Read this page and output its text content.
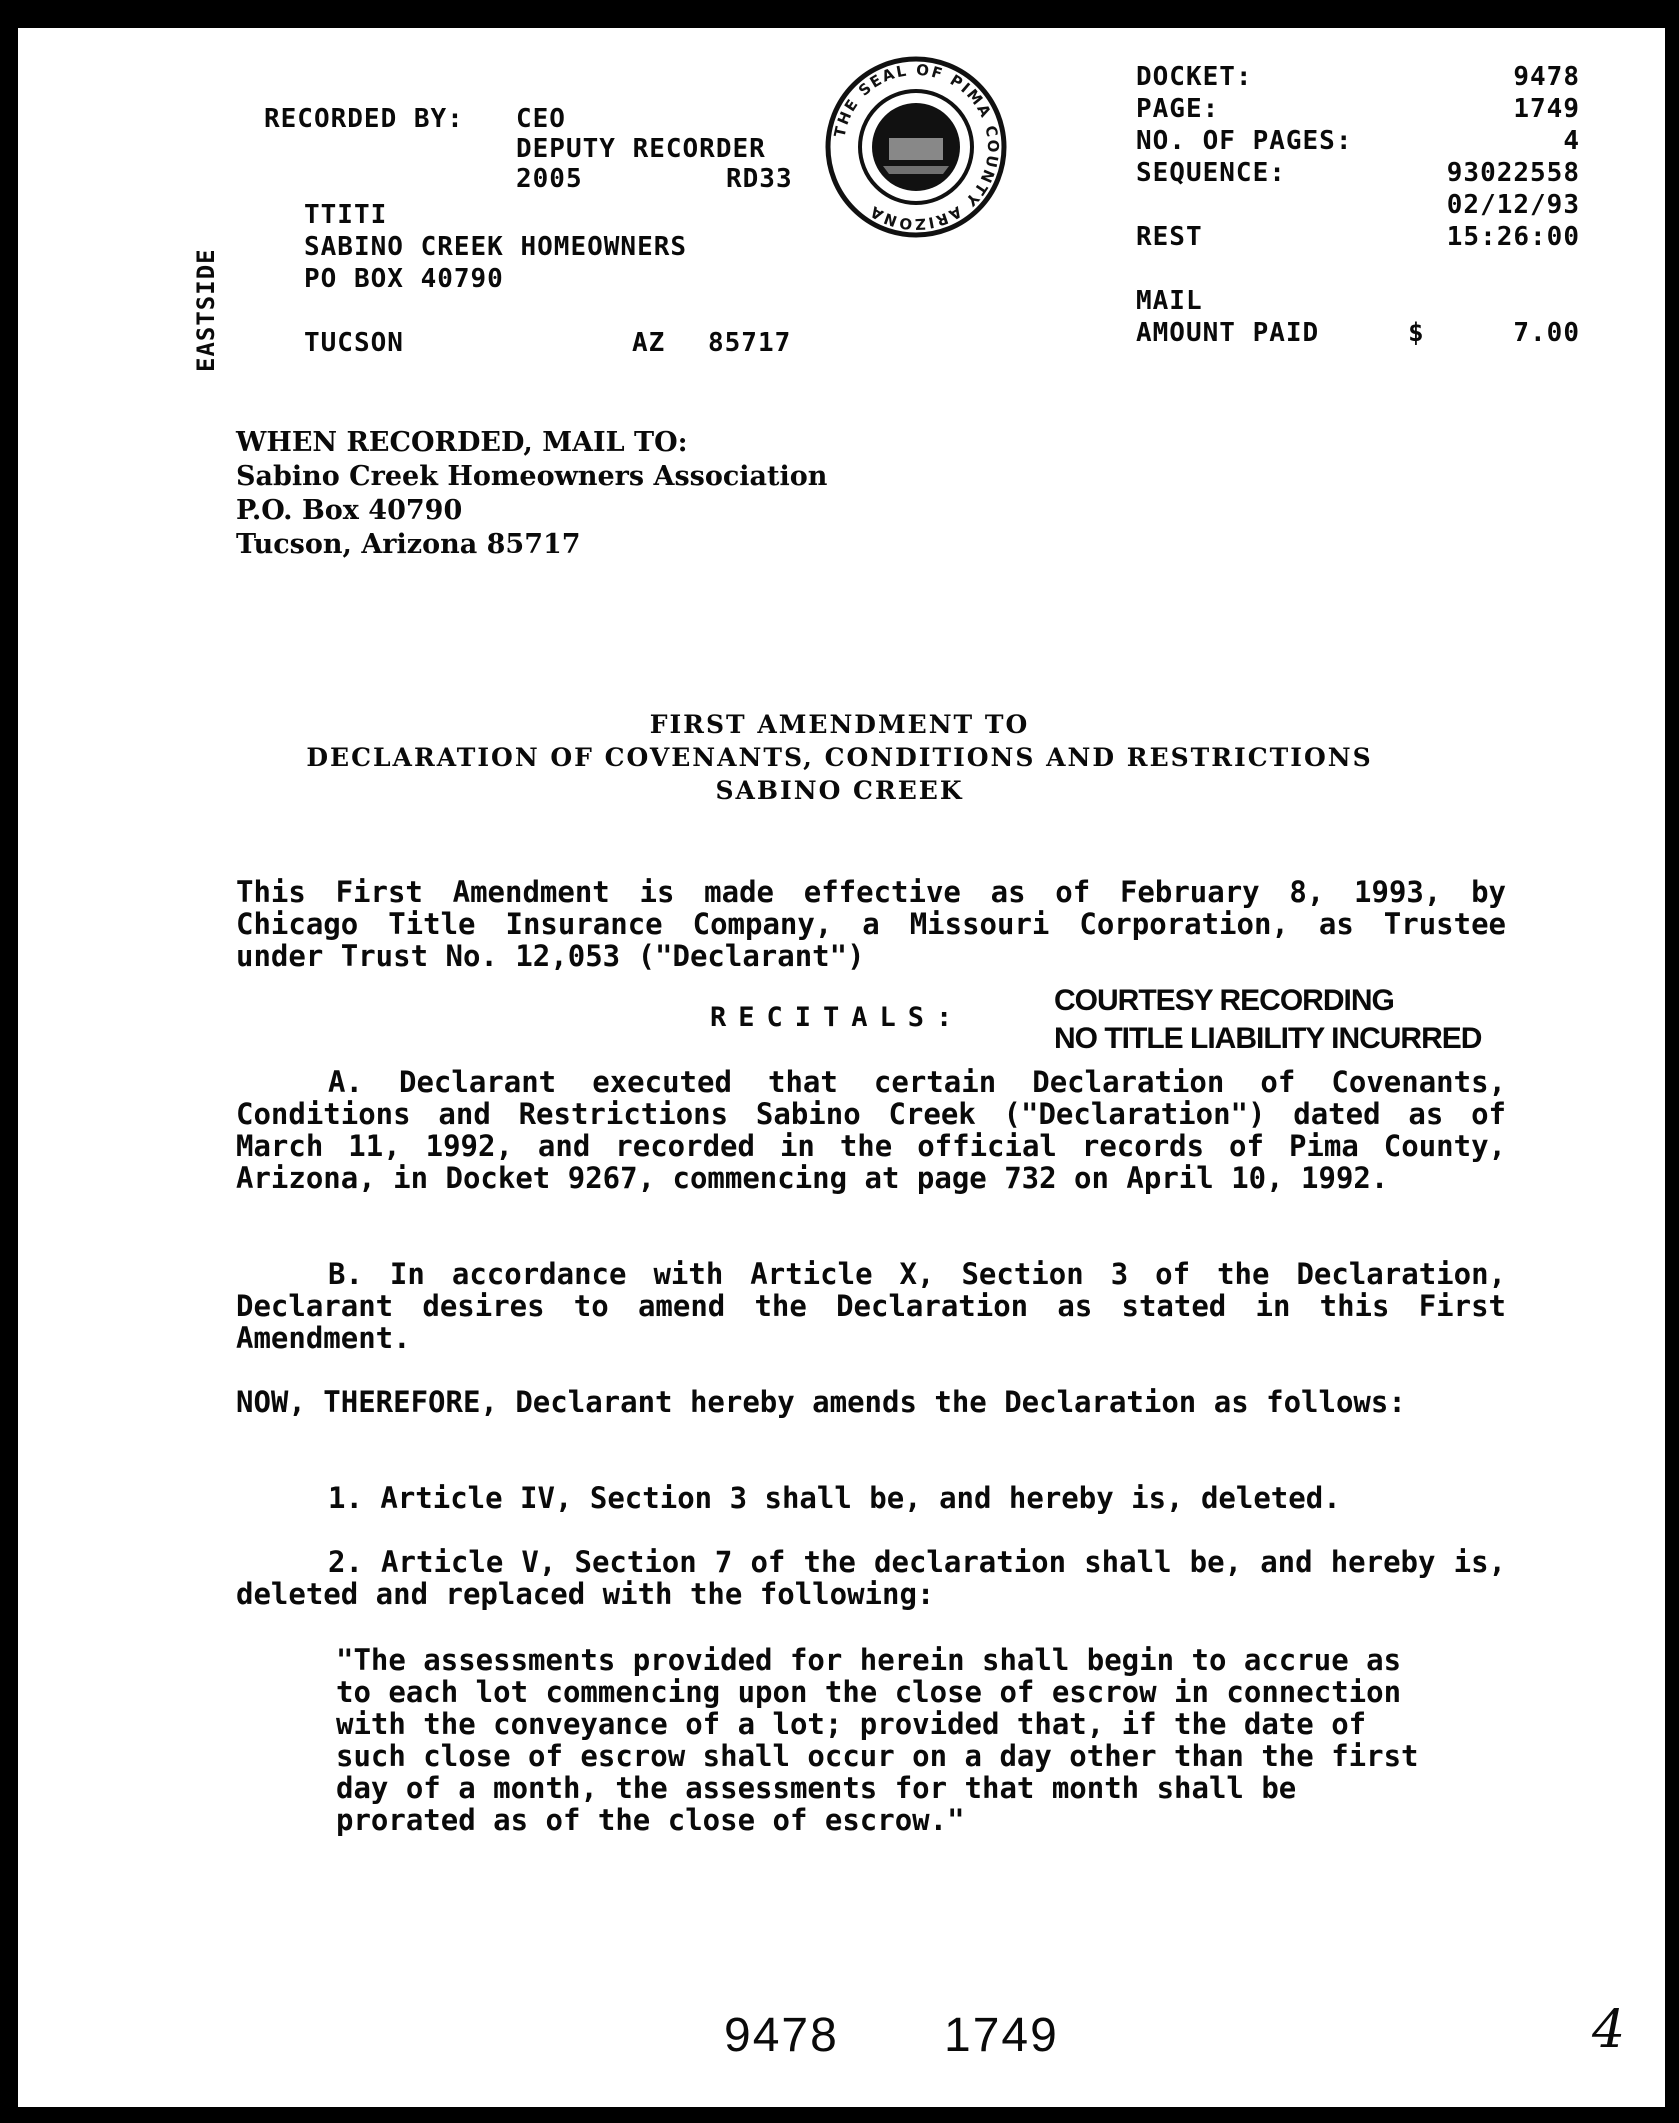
RECORDED BY: CEO
DEPUTY RECORDER
2005	RD33
TTITI
SABINO CREEK HOMEOWNERS
PO BOX 40790
TUCSON	AZ 85717
EASTSIDE
THE SEAL OF PIMA COUNTY ARIZONA
DOCKET:	9478
PAGE:	1749
NO. OF PAGES:	4
SEQUENCE:	93022558
02/12/93
REST	15:26:00
MAIL
AMOUNT PAID	$	7.00
WHEN RECORDED, MAIL TO:
Sabino Creek Homeowners Association
P.O. Box 40790
Tucson, Arizona 85717
FIRST AMENDMENT TO
DECLARATION OF COVENANTS, CONDITIONS AND RESTRICTIONS
SABINO CREEK
This First Amendment is made effective as of February 8, 1993, by Chicago Title Insurance Company, a Missouri Corporation, as Trustee under Trust No. 12,053 ("Declarant")
RECITALS:
COURTESY RECORDING
NO TITLE LIABILITY INCURRED
A. Declarant executed that certain Declaration of Covenants, Conditions and Restrictions Sabino Creek ("Declaration") dated as of March 11, 1992, and recorded in the official records of Pima County, Arizona, in Docket 9267, commencing at page 732 on April 10, 1992.
B. In accordance with Article X, Section 3 of the Declaration, Declarant desires to amend the Declaration as stated in this First Amendment.
NOW, THEREFORE, Declarant hereby amends the Declaration as follows:
1. Article IV, Section 3 shall be, and hereby is, deleted.
2. Article V, Section 7 of the declaration shall be, and hereby is, deleted and replaced with the following:
"The assessments provided for herein shall begin to accrue as to each lot commencing upon the close of escrow in connection with the conveyance of a lot; provided that, if the date of such close of escrow shall occur on a day other than the first day of a month, the assessments for that month shall be prorated as of the close of escrow."
9478 1749	4
